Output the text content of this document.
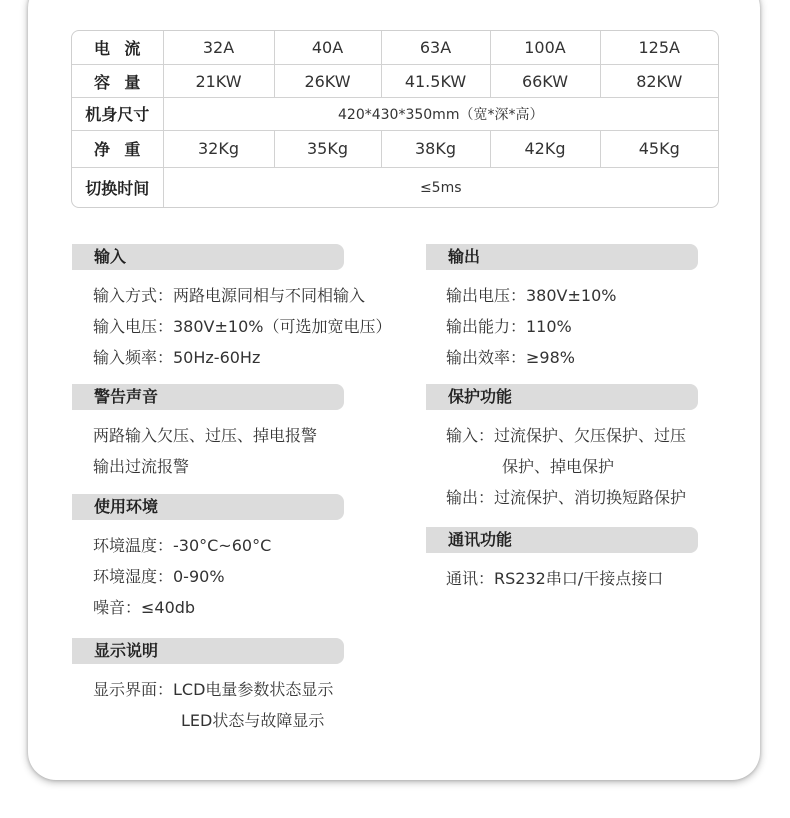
电流	32A	40A	63A	100A	125A
容量	21KW	26KW	41.5KW	66KW	82KW
机身尺寸	420*430*350mm（宽*深*高）				
净重	32Kg	35Kg	38Kg	42Kg	45Kg
切换时间	≤5ms				
输入
输入方式：两路电源同相与不同相输入
输入电压：380V±10%（可选加宽电压）
输入频率：50Hz-60Hz
警告声音
两路输入欠压、过压、掉电报警
输出过流报警
使用环境
环境温度：-30°C~60°C
环境湿度：0-90%
噪音：≤40db
显示说明
显示界面：LCD电量参数状态显示
LED状态与故障显示
输出
输出电压：380V±10%
输出能力：110%
输出效率：≥98%
保护功能
输入：过流保护、欠压保护、过压
保护、掉电保护
输出：过流保护、消切换短路保护
通讯功能
通讯：RS232串口/干接点接口
